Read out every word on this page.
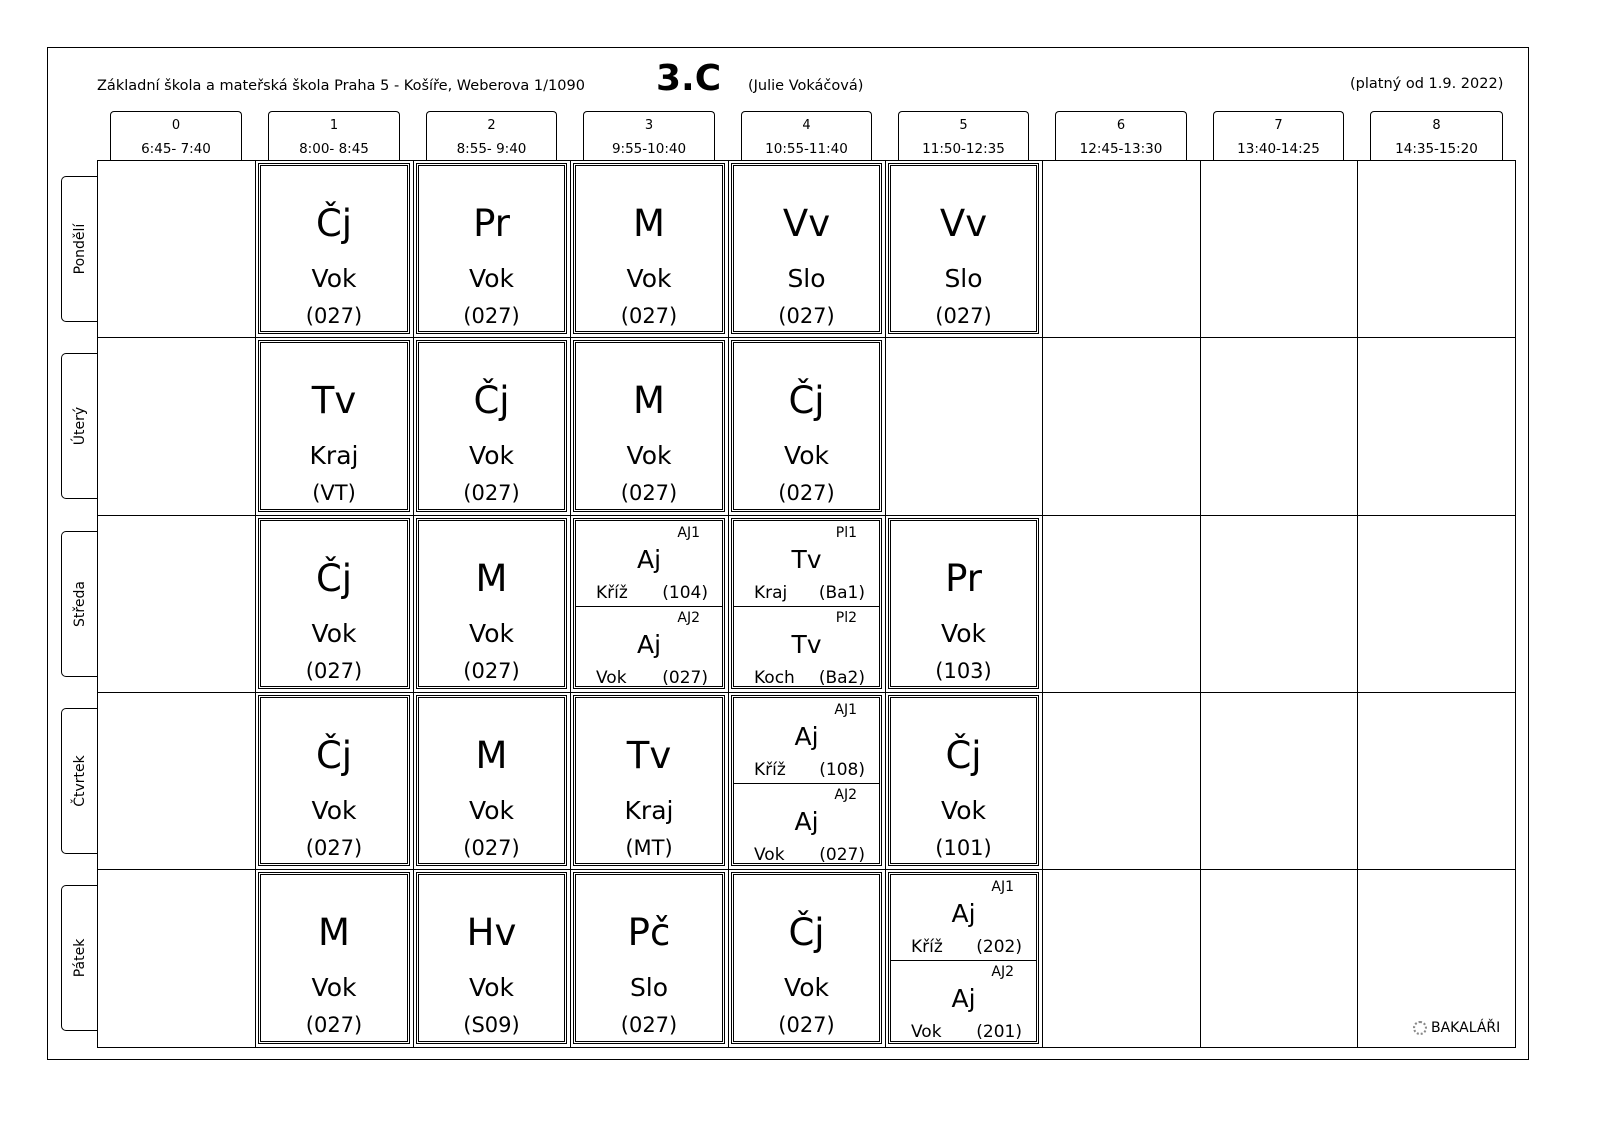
Základní škola a mateřská škola Praha 5 - Košíře, Weberova 1/1090 3.C (Julie Vokáčová)	(platný od 1.9. 2022)
0
6:45- 7:40
1
8:00- 8:45
2
8:55- 9:40
3
9:55-10:40
4
10:55-11:40
5
11:50-12:35
6
12:45-13:30
7
13:40-14:25
8
14:35-15:20
Pondělí
Úterý
Středa
Čtvrtek
Pátek
Čj
Vok
(027)
Pr
Vok
(027)
M
Vok
(027)
Vv
Slo
(027)
Vv
Slo
(027)
Tv
Kraj
(VT)
Čj
Vok
(027)
M
Vok
(027)
Čj
Vok
(027)
Čj
Vok
(027)
M
Vok
(027)
AJ1
Aj
Kříž (104)
AJ2
Aj
Vok (027)
Pl1
Tv
Kraj (Ba1)
Pl2
Tv
Koch (Ba2)
Pr
Vok
(103)
Čj
Vok
(027)
M
Vok
(027)
Tv
Kraj
(MT)
AJ1
Aj
Kříž (108)
AJ2
Aj
Vok (027)
Čj
Vok
(101)
M
Vok
(027)
Hv
Vok
(S09)
Pč
Slo
(027)
Čj
Vok
(027)
AJ1
Aj
Kříž (202)
AJ2
Aj
Vok (201)	BAKALÁŘI
